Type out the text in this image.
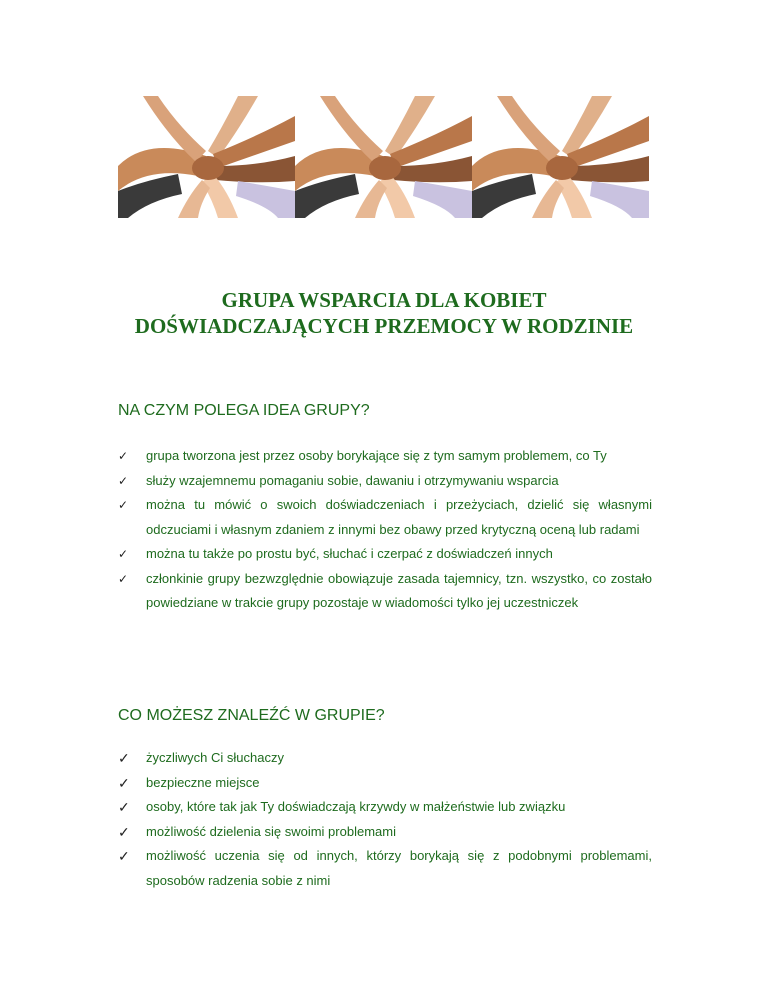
GRUPA WSPARCIA DLA KOBIET
DOŚWIADCZAJĄCYCH PRZEMOCY W RODZINIE
NA CZYM POLEGA IDEA GRUPY?
✓	grupa tworzona jest przez osoby borykające się z tym samym problemem, co Ty
✓	służy wzajemnemu pomaganiu sobie, dawaniu i otrzymywaniu wsparcia
✓	można tu mówić o swoich doświadczeniach i przeżyciach, dzielić się własnymi odczuciami i własnym zdaniem z innymi bez obawy przed krytyczną oceną lub radami
✓	można tu także po prostu być, słuchać i czerpać z doświadczeń innych
✓	członkinie grupy bezwzględnie obowiązuje zasada tajemnicy, tzn. wszystko, co zostało powiedziane w trakcie grupy pozostaje w wiadomości tylko jej uczestniczek
CO MOŻESZ ZNALEŹĆ W GRUPIE?
✓ życzliwych Ci słuchaczy
✓ bezpieczne miejsce
✓ osoby, które tak jak Ty doświadczają krzywdy w małżeństwie lub związku
✓ możliwość dzielenia się swoimi problemami
✓ możliwość uczenia się od innych, którzy borykają się z podobnymi problemami, sposobów radzenia sobie z nimi
